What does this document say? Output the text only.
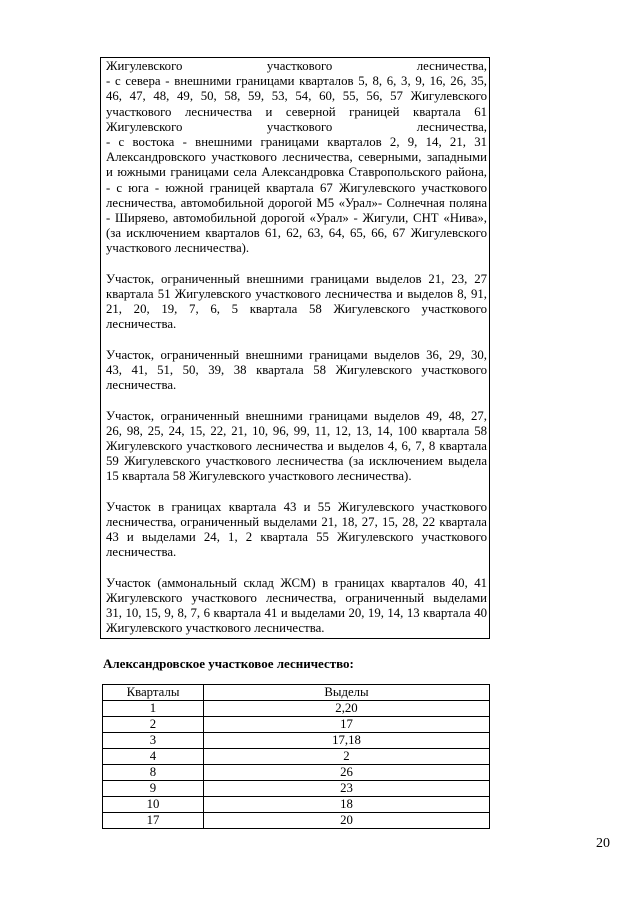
Жигулевского участкового лесничества,
- с севера - внешними границами кварталов 5, 8, 6, 3, 9, 16, 26, 35,
46, 47, 48, 49, 50, 58, 59, 53, 54, 60, 55, 56, 57 Жигулевского
участкового лесничества и северной границей квартала 61
Жигулевского участкового лесничества,
- с востока - внешними границами кварталов 2, 9, 14, 21, 31
Александровского участкового лесничества, северными, западными
и южными границами села Александровка Ставропольского района,
- с юга - южной границей квартала 67 Жигулевского участкового
лесничества, автомобильной дорогой М5 «Урал»- Солнечная поляна
- Ширяево, автомобильной дорогой «Урал» - Жигули, СНТ «Нива»,
(за исключением кварталов 61, 62, 63, 64, 65, 66, 67 Жигулевского
участкового лесничества).
Участок, ограниченный внешними границами выделов 21, 23, 27
квартала 51 Жигулевского участкового лесничества и выделов 8, 91,
21, 20, 19, 7, 6, 5 квартала 58 Жигулевского участкового
лесничества.
Участок, ограниченный внешними границами выделов 36, 29, 30,
43, 41, 51, 50, 39, 38 квартала 58 Жигулевского участкового
лесничества.
Участок, ограниченный внешними границами выделов 49, 48, 27,
26, 98, 25, 24, 15, 22, 21, 10, 96, 99, 11, 12, 13, 14, 100 квартала 58
Жигулевского участкового лесничества и выделов 4, 6, 7, 8 квартала
59 Жигулевского участкового лесничества (за исключением выдела
15 квартала 58 Жигулевского участкового лесничества).
Участок в границах квартала 43 и 55 Жигулевского участкового
лесничества, ограниченный выделами 21, 18, 27, 15, 28, 22 квартала
43 и выделами 24, 1, 2 квартала 55 Жигулевского участкового
лесничества.
Участок (аммональный склад ЖСМ) в границах кварталов 40, 41
Жигулевского участкового лесничества, ограниченный выделами
31, 10, 15, 9, 8, 7, 6 квартала 41 и выделами 20, 19, 14, 13 квартала 40
Жигулевского участкового лесничества.
Александровское участковое лесничество:
Кварталы	Выделы
1	2,20
2	17
3	17,18
4	2
8	26
9	23
10	18
17	20
20
